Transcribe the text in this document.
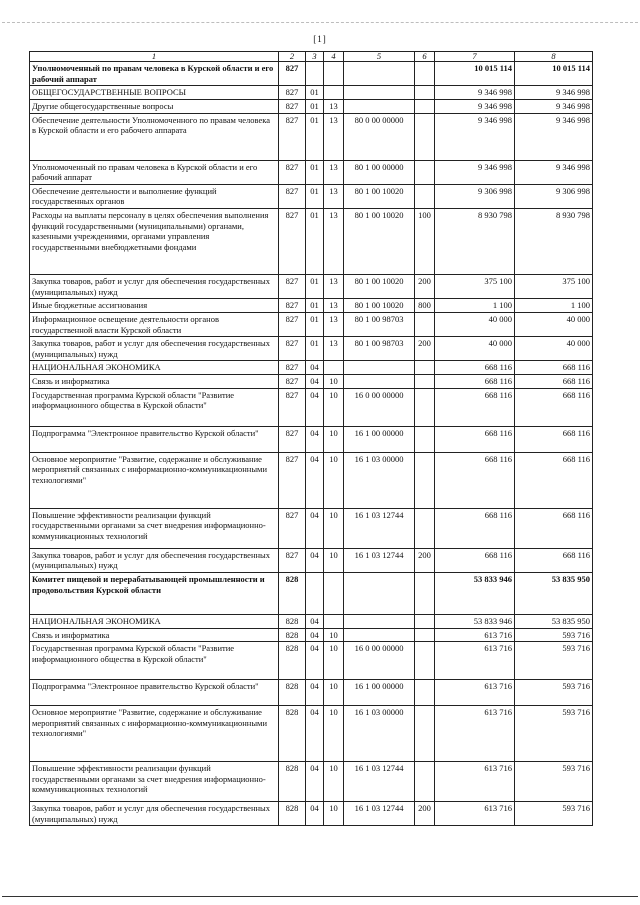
[1]
1	2	3	4	5	6	7	8
Уполномоченный по правам человека в Курской области и его рабочий аппарат	827					10 015 114	10 015 114
ОБЩЕГОСУДАРСТВЕННЫЕ ВОПРОСЫ	827	01				9 346 998	9 346 998
Другие общегосударственные вопросы	827	01	13			9 346 998	9 346 998
Обеспечение деятельности Уполномоченного по правам человека в Курской области и его рабочего аппарата	827	01	13	80 0 00 00000		9 346 998	9 346 998
Уполномоченный по правам человека в Курской области и его рабочий аппарат	827	01	13	80 1 00 00000		9 346 998	9 346 998
Обеспечение деятельности и выполнение функций государственных органов	827	01	13	80 1 00 10020		9 306 998	9 306 998
Расходы на выплаты персоналу в целях обеспечения выполнения функций государственными (муниципальными) органами, казенными учреждениями, органами управления государственными внебюджетными фондами	827	01	13	80 1 00 10020	100	8 930 798	8 930 798
Закупка товаров, работ и услуг для обеспечения государственных (муниципальных) нужд	827	01	13	80 1 00 10020	200	375 100	375 100
Иные бюджетные ассигнования	827	01	13	80 1 00 10020	800	1 100	1 100
Информационное освещение деятельности органов государственной власти Курской области	827	01	13	80 1 00 98703		40 000	40 000
Закупка товаров, работ и услуг для обеспечения государственных (муниципальных) нужд	827	01	13	80 1 00 98703	200	40 000	40 000
НАЦИОНАЛЬНАЯ ЭКОНОМИКА	827	04				668 116	668 116
Связь и информатика	827	04	10			668 116	668 116
Государственная программа Курской области "Развитие информационного общества в Курской области"	827	04	10	16 0 00 00000		668 116	668 116
Подпрограмма "Электронное правительство Курской области"	827	04	10	16 1 00 00000		668 116	668 116
Основное мероприятие "Развитие, содержание и обслуживание мероприятий связанных с информационно-коммуникационными технологиями"	827	04	10	16 1 03 00000		668 116	668 116
Повышение эффективности реализации функций государственными органами за счет внедрения информационно-коммуникационных технологий	827	04	10	16 1 03 12744		668 116	668 116
Закупка товаров, работ и услуг для обеспечения государственных (муниципальных) нужд	827	04	10	16 1 03 12744	200	668 116	668 116
Комитет пищевой и перерабатывающей промышленности и продовольствия Курской области	828					53 833 946	53 835 950
НАЦИОНАЛЬНАЯ ЭКОНОМИКА	828	04				53 833 946	53 835 950
Связь и информатика	828	04	10			613 716	593 716
Государственная программа Курской области "Развитие информационного общества в Курской области"	828	04	10	16 0 00 00000		613 716	593 716
Подпрограмма "Электронное правительство Курской области"	828	04	10	16 1 00 00000		613 716	593 716
Основное мероприятие "Развитие, содержание и обслуживание мероприятий связанных с информационно-коммуникационными технологиями"	828	04	10	16 1 03 00000		613 716	593 716
Повышение эффективности реализации функций государственными органами за счет внедрения информационно-коммуникационных технологий	828	04	10	16 1 03 12744		613 716	593 716
Закупка товаров, работ и услуг для обеспечения государственных (муниципальных) нужд	828	04	10	16 1 03 12744	200	613 716	593 716
